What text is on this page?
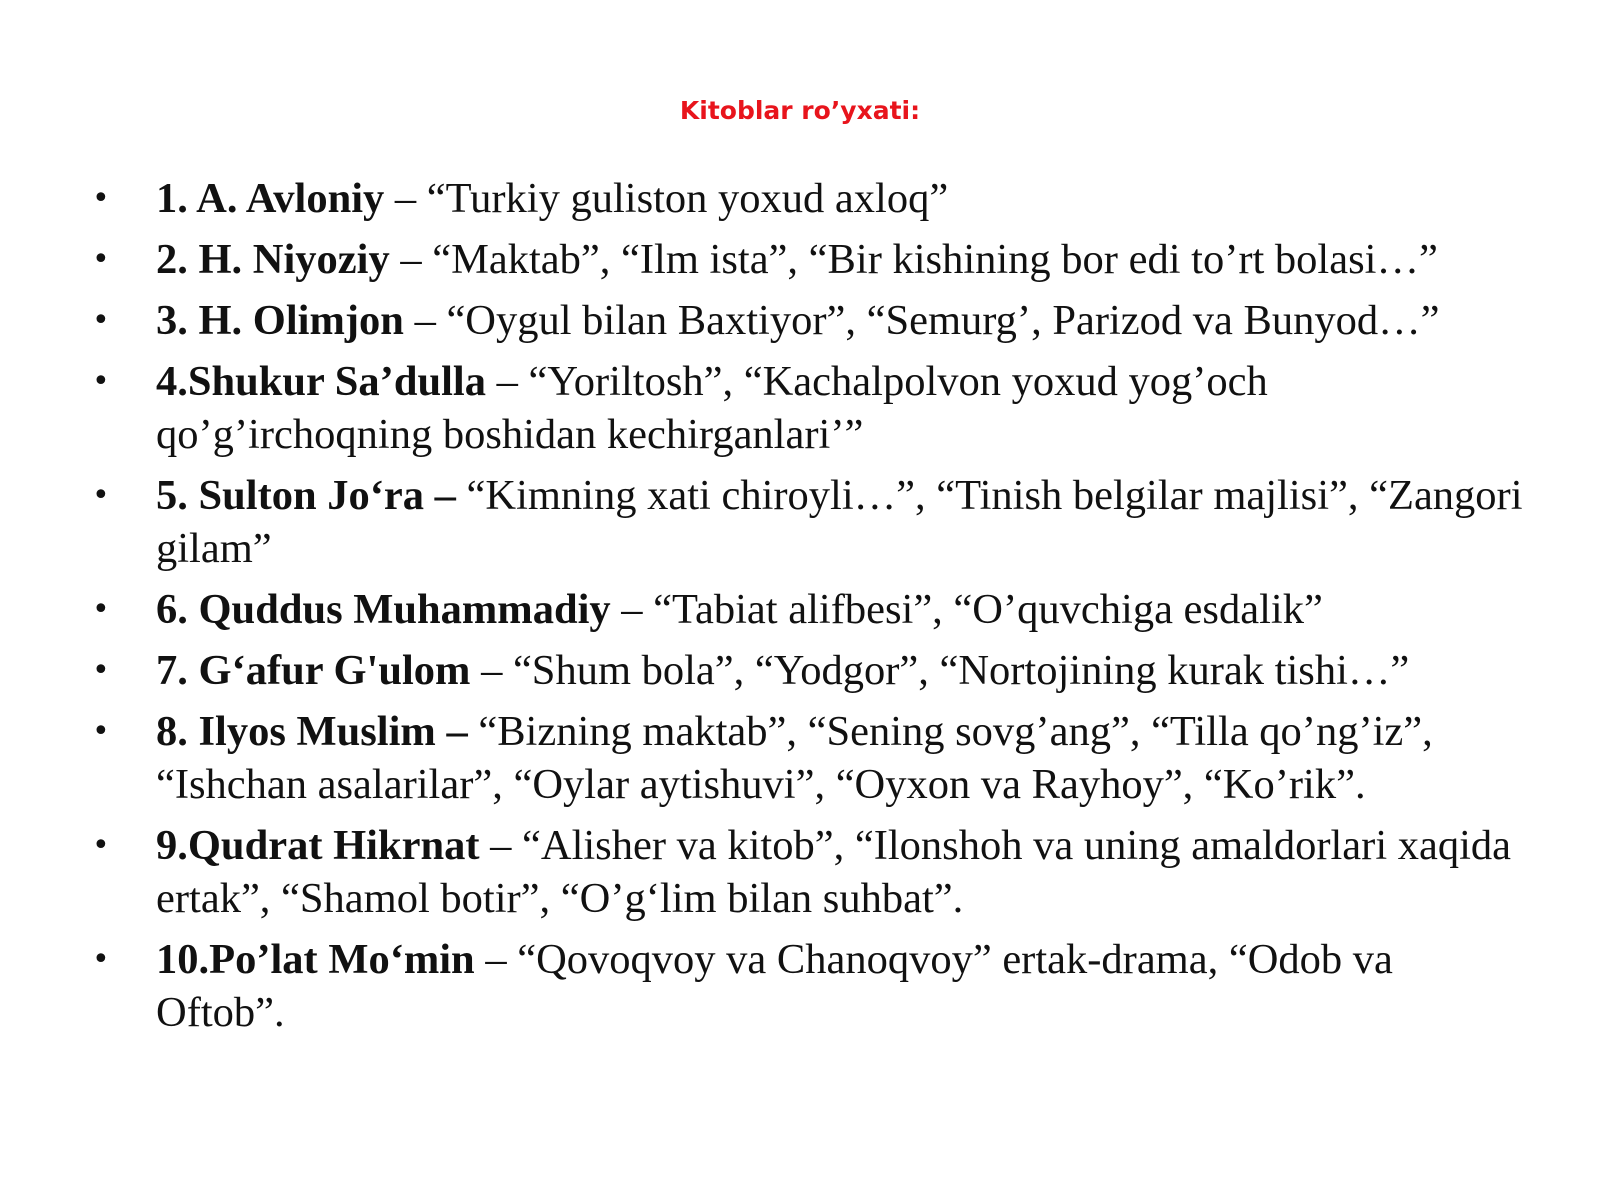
Kitoblar ro’yxati:
• 1. A. Avloniy – “Turkiy guliston yoxud axloq”
• 2. H. Niyoziy – “Maktab”, “Ilm ista”, “Bir kishining bor edi to’rt bolasi…”
• 3. H. Olimjon – “Oygul bilan Baxtiyor”, “Semurg’, Parizod va Bunyod…”
• 4.Shukur Sa’dulla – “Yoriltosh”, “Kachalpolvon yoxud yog’och qo’g’irchoqning boshidan kechirganlari’”
• 5. Sulton Jo‘ra – “Kimning xati chiroyli…”, “Tinish belgilar majlisi”, “Zangori gilam”
• 6. Quddus Muhammadiy – “Tabiat alifbesi”, “O’quvchiga esdalik”
• 7. G‘afur G'ulom – “Shum bola”, “Yodgor”, “Nortojining kurak tishi…”
• 8. Ilyos Muslim – “Bizning maktab”, “Sening sovg’ang”, “Tilla qo’ng’iz”, “Ishchan asalarilar”, “Oylar aytishuvi”, “Oyxon va Rayhoy”, “Ko’rik”.
• 9.Qudrat Hikrnat – “Alisher va kitob”, “Ilonshoh va uning amaldorlari xaqida ertak”, “Shamol botir”, “O’g‘lim bilan suhbat”.
• 10.Po’lat Mo‘min – “Qovoqvoy va Chanoqvoy” ertak-drama, “Odob va Oftob”.
